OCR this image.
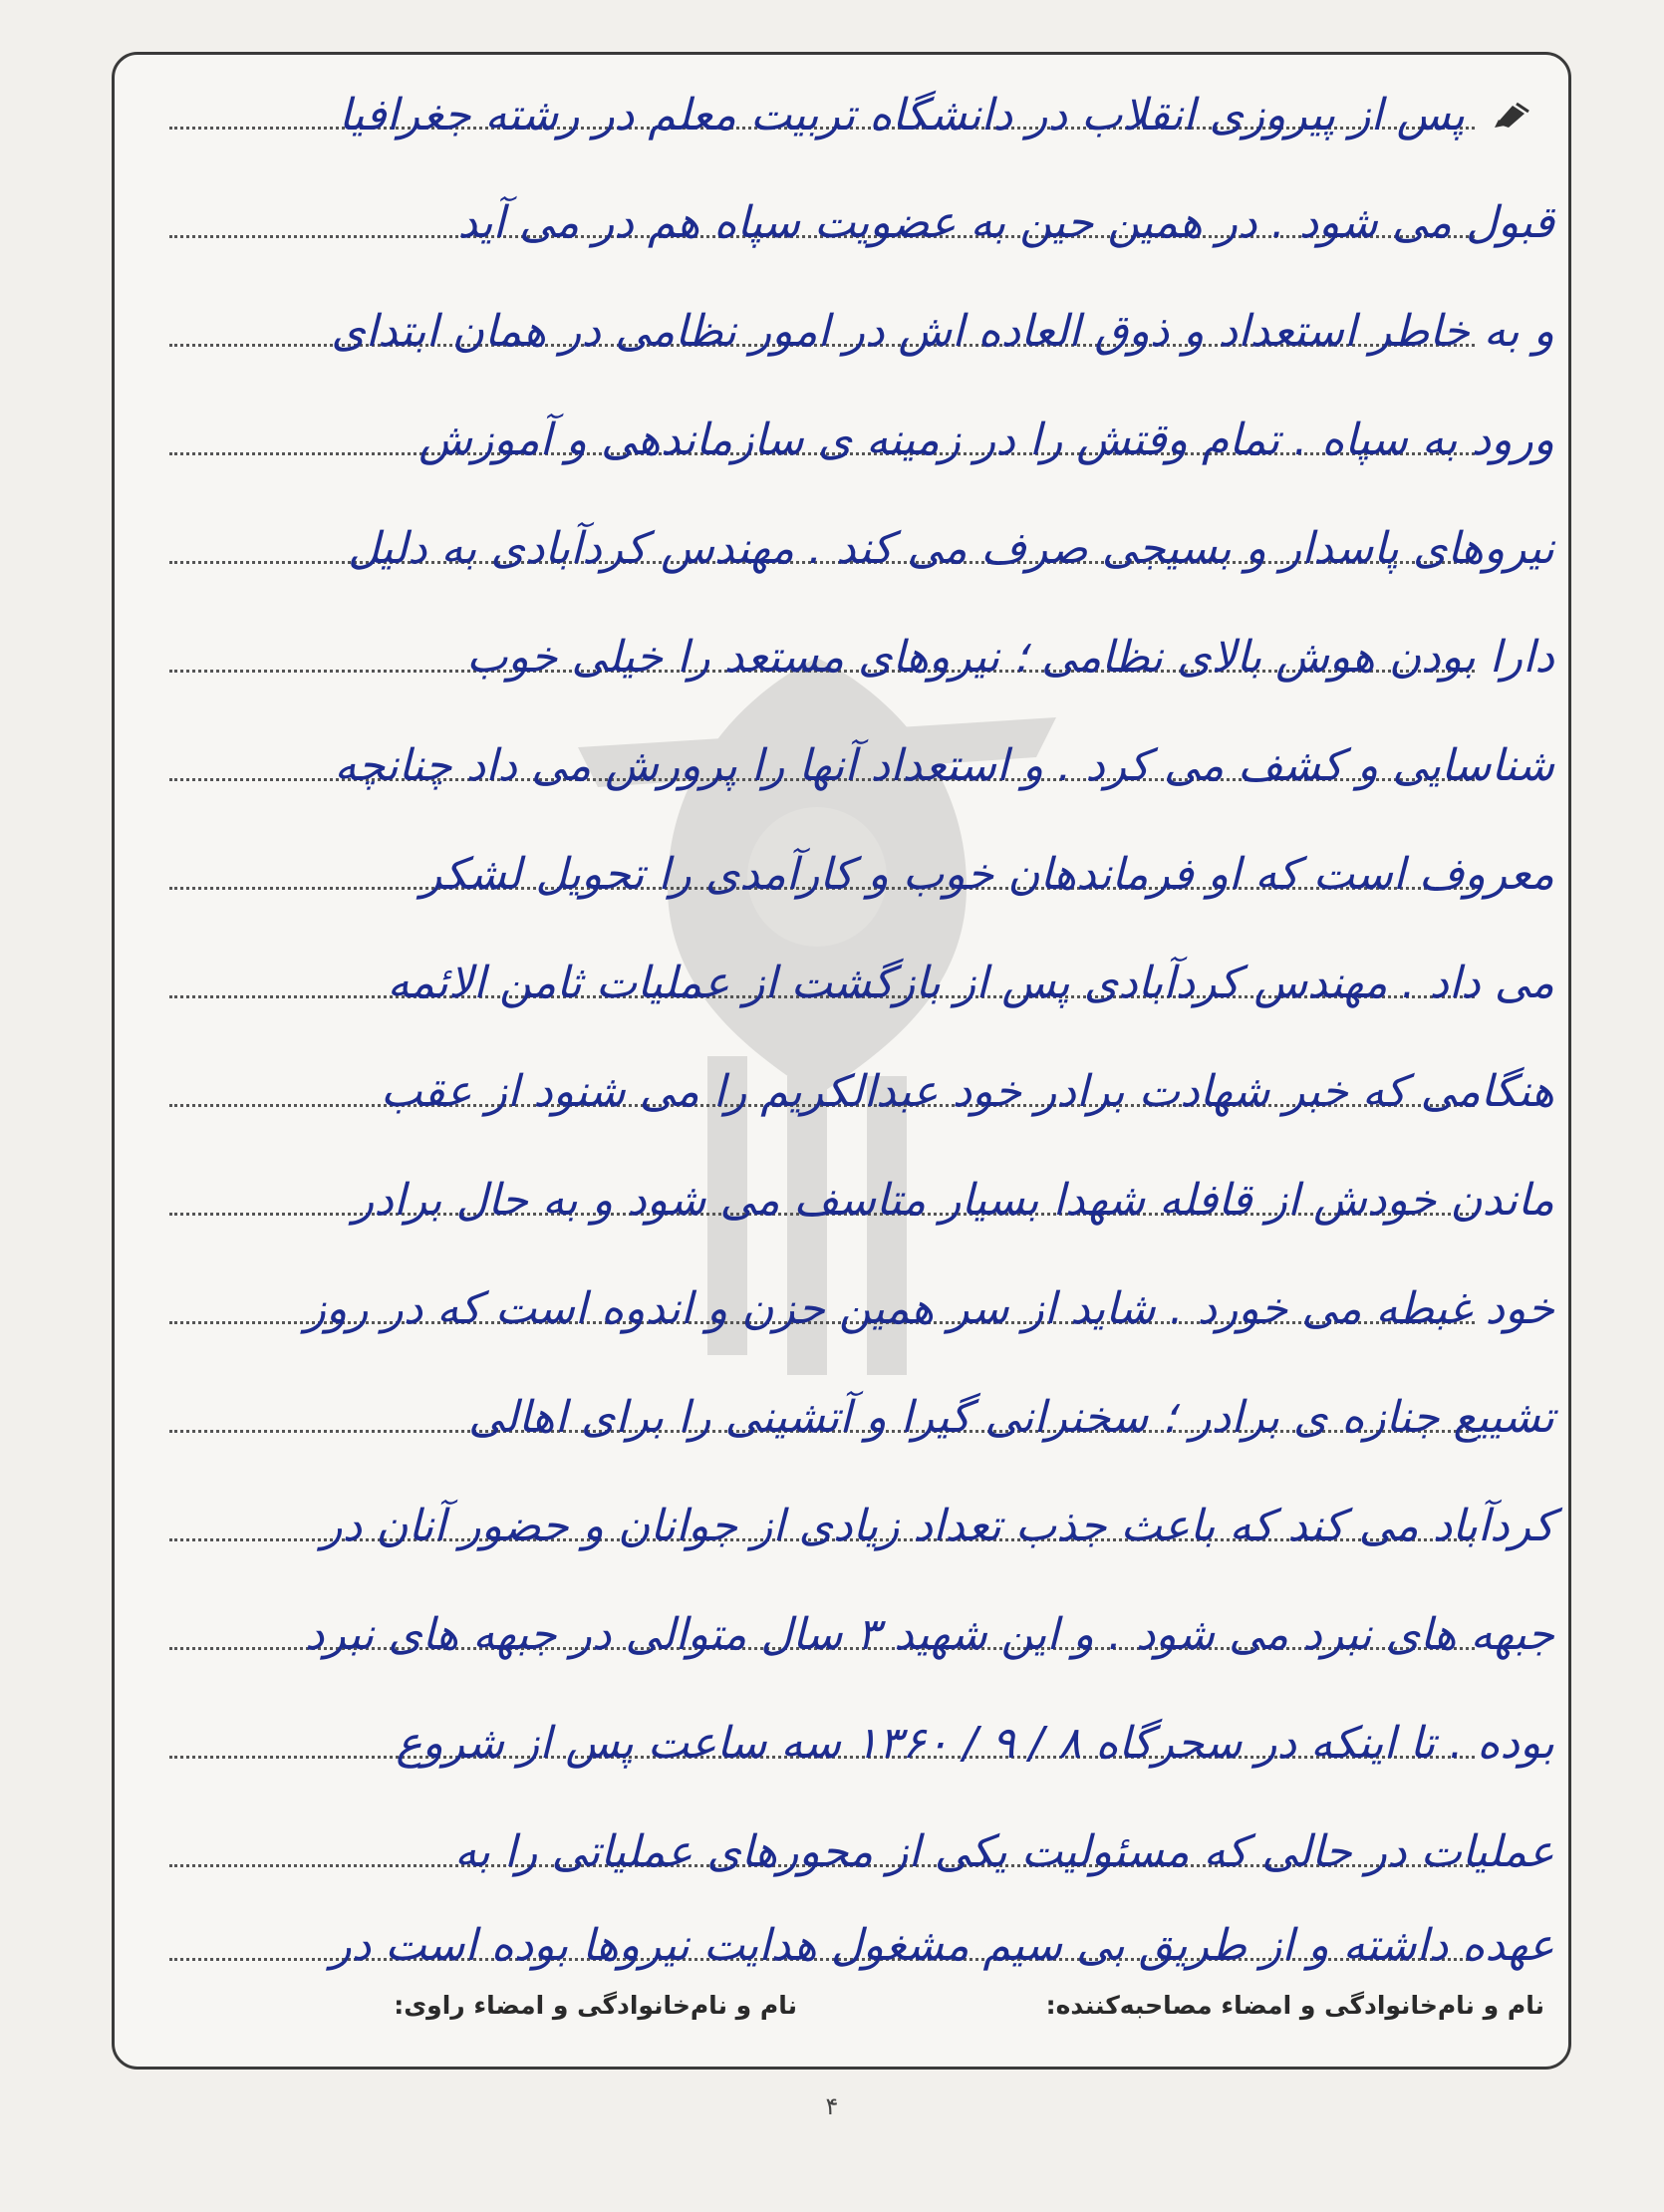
پس از پیروزی انقلاب در دانشگاه تربیت معلم در رشته جغرافیا
قبول می شود . در همین حین به عضویت سپاه هم در می آید
و به خاطر استعداد و ذوق العاده اش در امور نظامی در همان ابتدای
ورود به سپاه . تمام وقتش را در زمینه ی سازماندهی و آموزش
نیروهای پاسدار و بسیجی صرف می کند . مهندس کردآبادی به دلیل
دارا بودن هوش بالای نظامی ؛ نیروهای مستعد را خیلی خوب
شناسایی و کشف می کرد . و استعداد آنها را پرورش می داد چنانچه
معروف است که او فرماندهان خوب و کارآمدی را تحویل لشکر
می داد . مهندس کردآبادی پس از بازگشت از عملیات ثامن الائمه
هنگامی که خبر شهادت برادر خود عبدالکریم را می شنود از عقب
ماندن خودش از قافله شهدا بسیار متاسف می شود و به حال برادر
خود غبطه می خورد . شاید از سر همین حزن و اندوه است که در روز
تشییع جنازه ی برادر ؛ سخنرانی گیرا و آتشینی را برای اهالی
کردآباد می کند که باعث جذب تعداد زیادی از جوانان و حضور آنان در
جبهه های نبرد می شود . و این شهید ۳ سال متوالی در جبهه های نبرد
بوده . تا اینکه در سحرگاه ۸ / ۹ / ۱۳۶۰ سه ساعت پس از شروع
عملیات در حالی که مسئولیت یکی از محورهای عملیاتی را به
عهده داشته و از طریق بی سیم مشغول هدایت نیروها بوده است در
نام و نام‌خانوادگی و امضاء مصاحبه‌کننده:
نام و نام‌خانوادگی و امضاء راوی:
۴
